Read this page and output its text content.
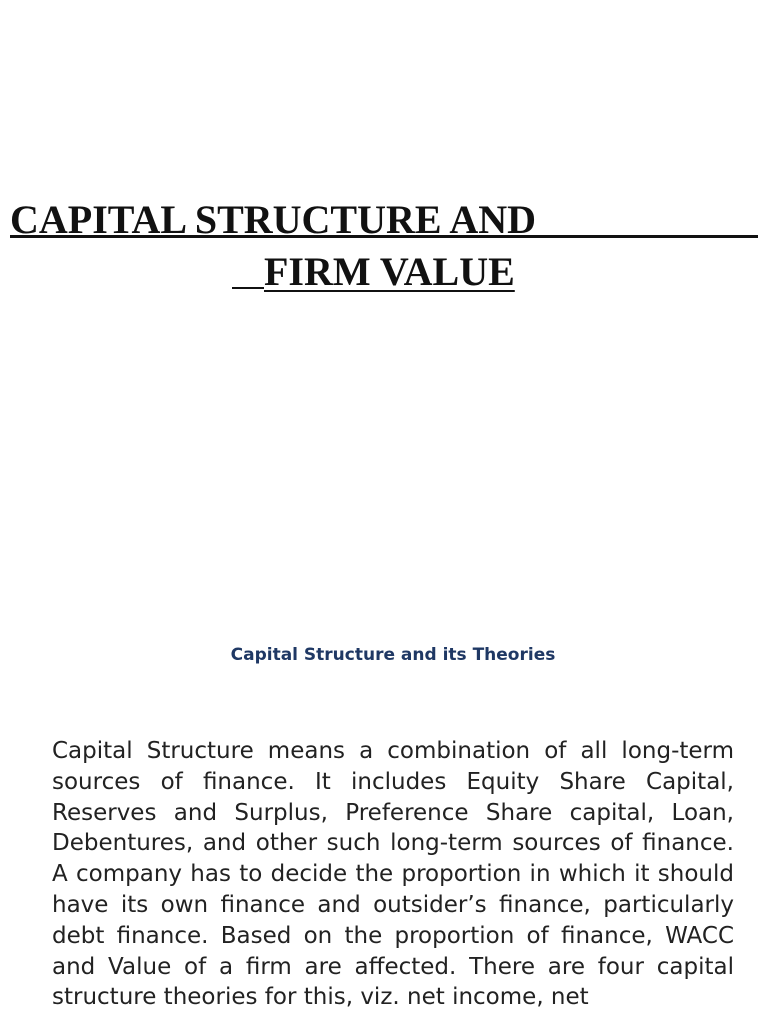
CAPITAL STRUCTURE AND
FIRM VALUE
Capital Structure and its Theories

Capital Structure means a combination of all long-term sources of finance. It includes Equity Share Capital, Reserves and Surplus, Preference Share capital, Loan, Debentures, and other such long-term sources of finance. A company has to decide the proportion in which it should have its own finance and outsider’s finance, particularly debt finance. Based on the proportion of finance, WACC and Value of a firm are affected. There are four capital structure theories for this, viz. net income, net
